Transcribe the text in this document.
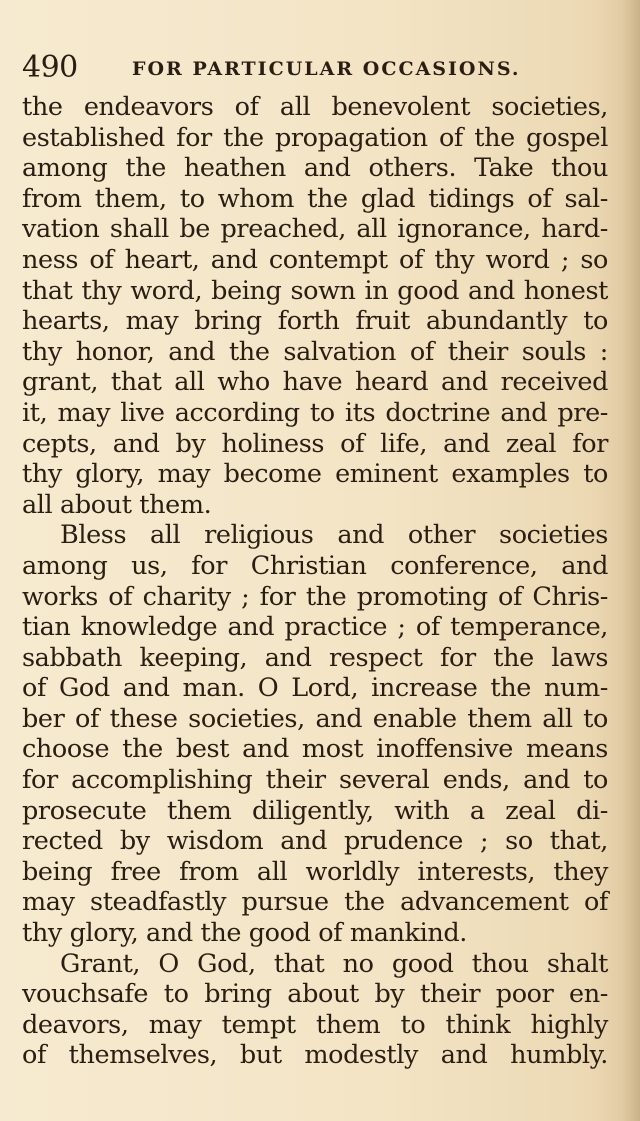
490	FOR PARTICULAR OCCASIONS.
the endeavors of all benevolent societies,
established for the propagation of the gospel
among the heathen and others. Take thou
from them, to whom the glad tidings of sal-
vation shall be preached, all ignorance, hard-
ness of heart, and contempt of thy word ; so
that thy word, being sown in good and honest
hearts, may bring forth fruit abundantly to
thy honor, and the salvation of their souls :
grant, that all who have heard and received
it, may live according to its doctrine and pre-
cepts, and by holiness of life, and zeal for
thy glory, may become eminent examples to
all about them.
Bless all religious and other societies
among us, for Christian conference, and
works of charity ; for the promoting of Chris-
tian knowledge and practice ; of temperance,
sabbath keeping, and respect for the laws
of God and man. O Lord, increase the num-
ber of these societies, and enable them all to
choose the best and most inoffensive means
for accomplishing their several ends, and to
prosecute them diligently, with a zeal di-
rected by wisdom and prudence ; so that,
being free from all worldly interests, they
may steadfastly pursue the advancement of
thy glory, and the good of mankind.
Grant, O God, that no good thou shalt
vouchsafe to bring about by their poor en-
deavors, may tempt them to think highly
of themselves, but modestly and humbly.
